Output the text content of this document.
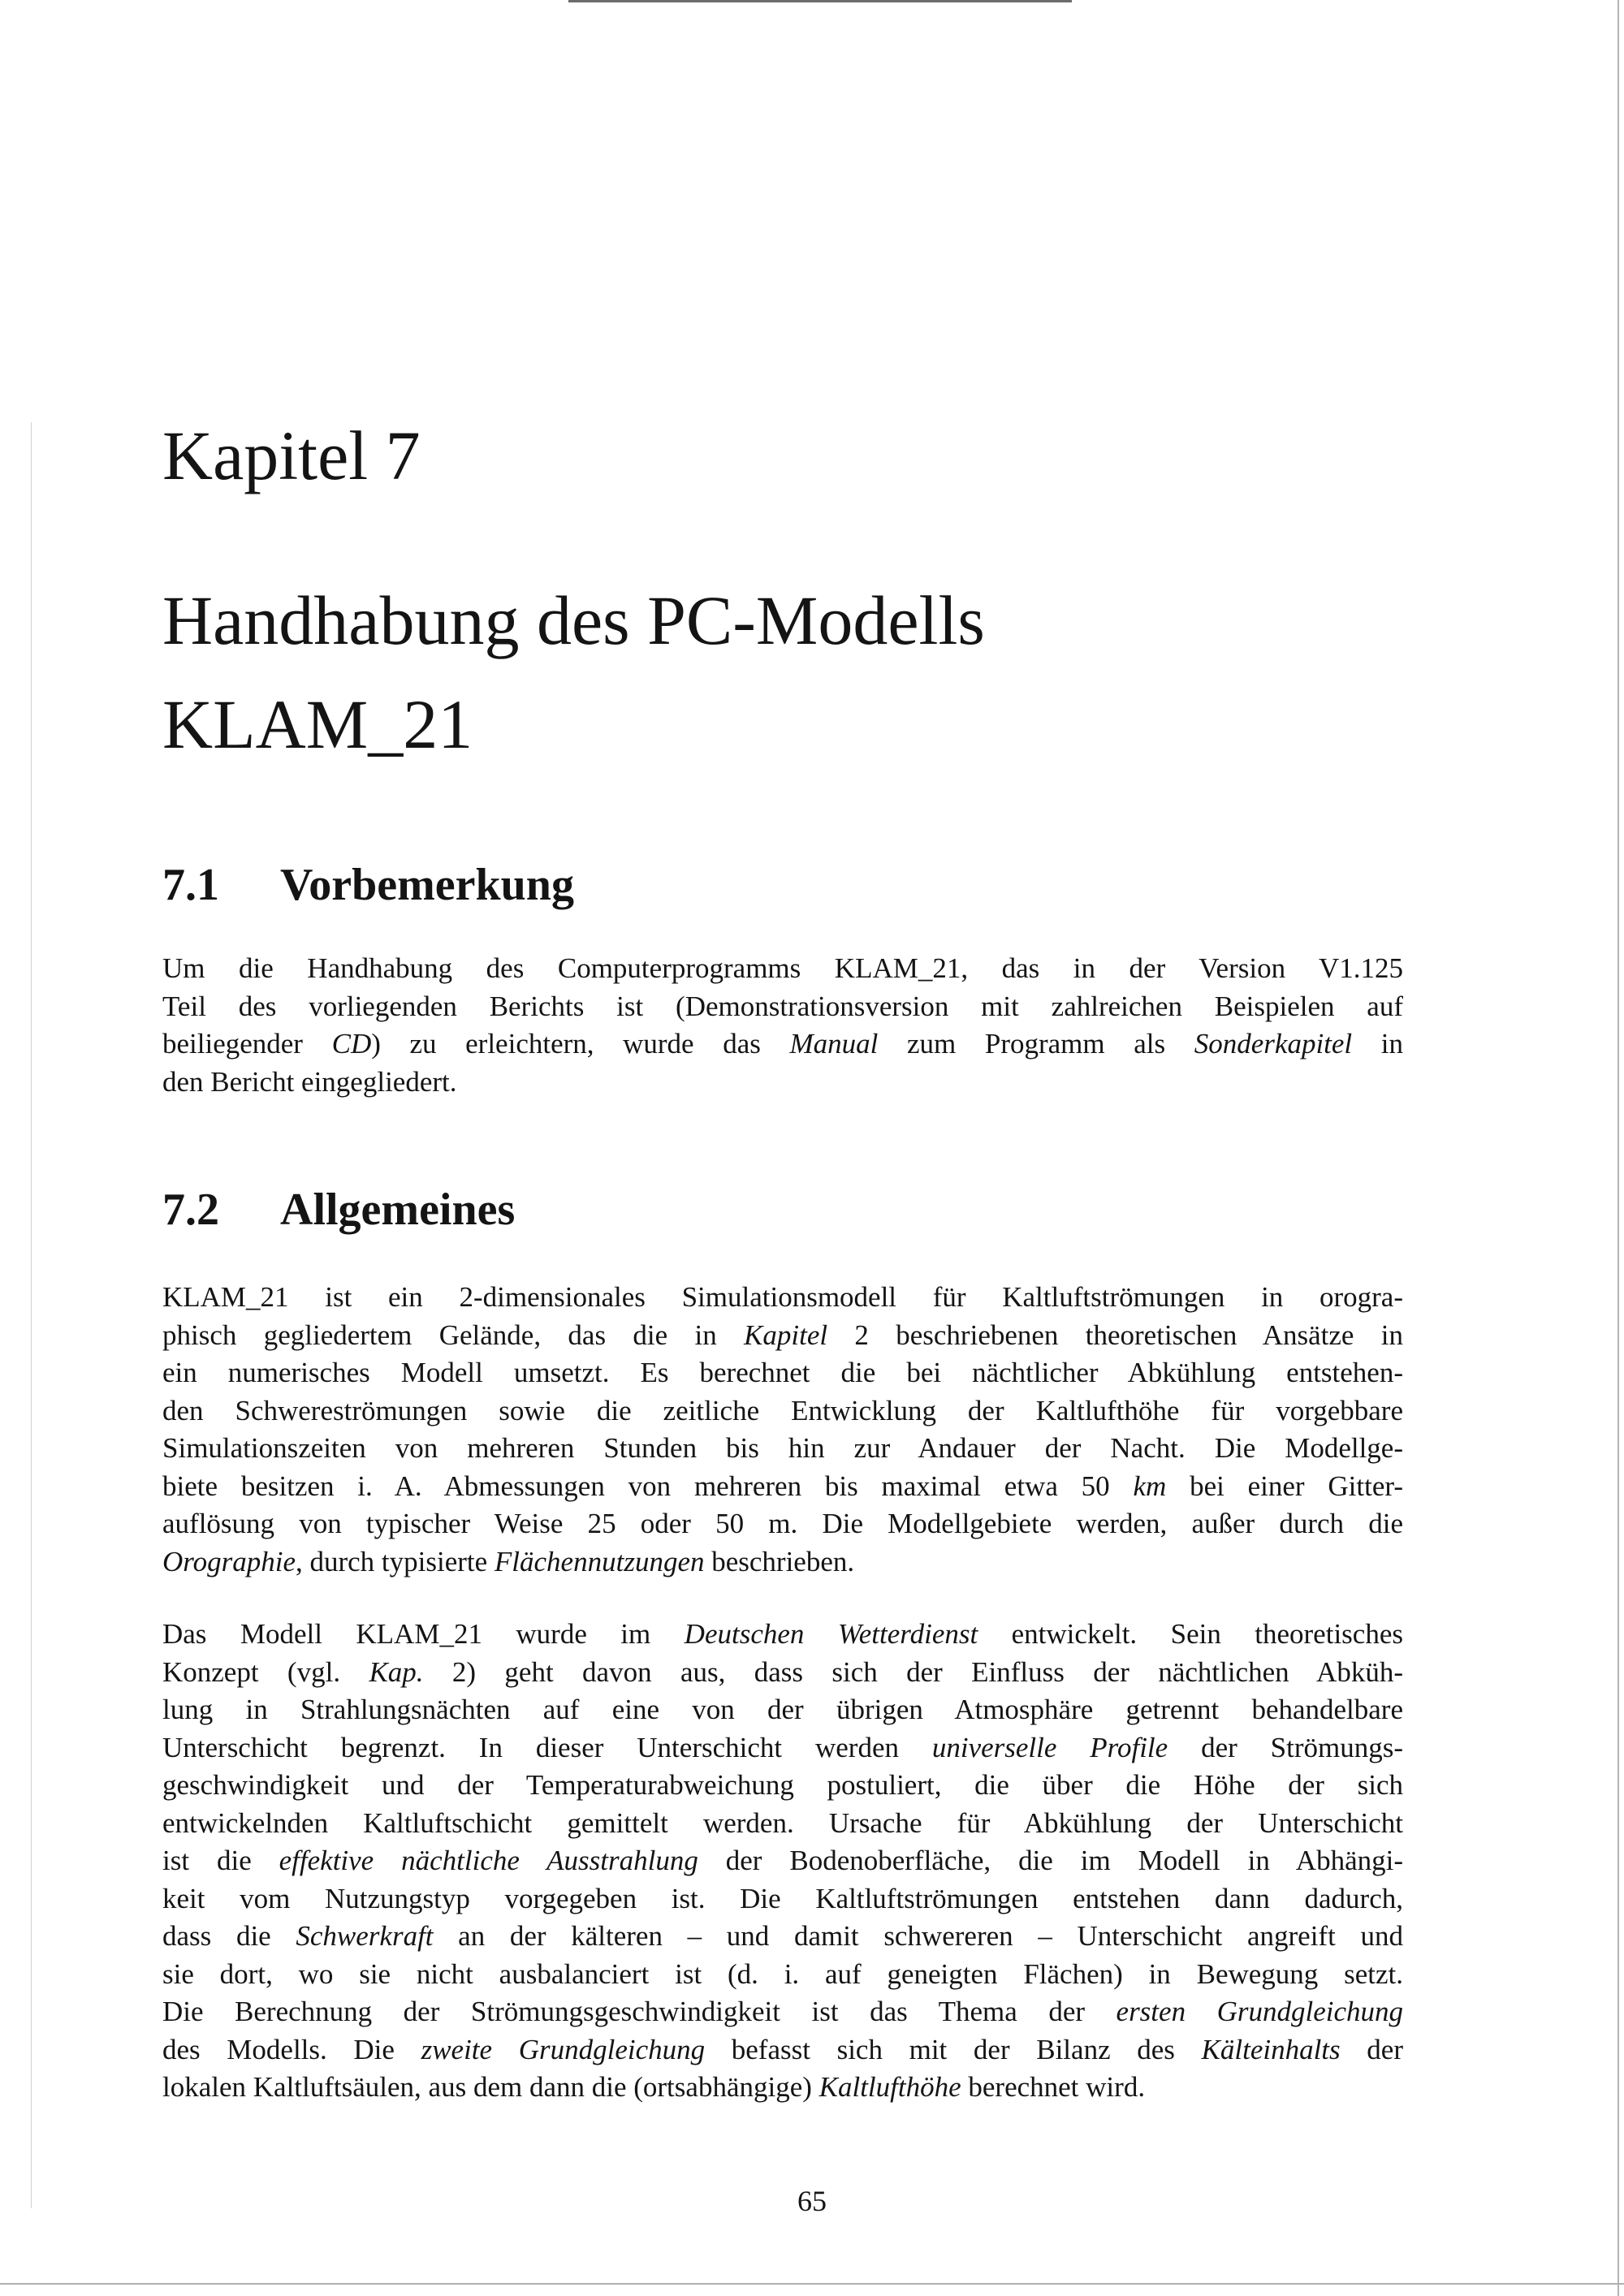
Kapitel 7
Handhabung des PC-Modells
KLAM_21
7.1 Vorbemerkung

Um die Handhabung des Computerprogramms KLAM_21, das in der Version V1.125
Teil des vorliegenden Berichts ist (Demonstrationsversion mit zahlreichen Beispielen auf
beiliegender CD) zu erleichtern, wurde das Manual zum Programm als Sonderkapitel in
den Bericht eingegliedert.

7.2 Allgemeines

KLAM_21 ist ein 2-dimensionales Simulationsmodell für Kaltluftströmungen in orogra-
phisch gegliedertem Gelände, das die in Kapitel 2 beschriebenen theoretischen Ansätze in
ein numerisches Modell umsetzt. Es berechnet die bei nächtlicher Abkühlung entstehen-
den Schwereströmungen sowie die zeitliche Entwicklung der Kaltlufthöhe für vorgebbare
Simulationszeiten von mehreren Stunden bis hin zur Andauer der Nacht. Die Modellge-
biete besitzen i. A. Abmessungen von mehreren bis maximal etwa 50 km bei einer Gitter-
auflösung von typischer Weise 25 oder 50 m. Die Modellgebiete werden, außer durch die
Orographie, durch typisierte Flächennutzungen beschrieben.

Das Modell KLAM_21 wurde im Deutschen Wetterdienst entwickelt. Sein theoretisches
Konzept (vgl. Kap. 2) geht davon aus, dass sich der Einfluss der nächtlichen Abküh-
lung in Strahlungsnächten auf eine von der übrigen Atmosphäre getrennt behandelbare
Unterschicht begrenzt. In dieser Unterschicht werden universelle Profile der Strömungs-
geschwindigkeit und der Temperaturabweichung postuliert, die über die Höhe der sich
entwickelnden Kaltluftschicht gemittelt werden. Ursache für Abkühlung der Unterschicht
ist die effektive nächtliche Ausstrahlung der Bodenoberfläche, die im Modell in Abhängi-
keit vom Nutzungstyp vorgegeben ist. Die Kaltluftströmungen entstehen dann dadurch,
dass die Schwerkraft an der kälteren – und damit schwereren – Unterschicht angreift und
sie dort, wo sie nicht ausbalanciert ist (d. i. auf geneigten Flächen) in Bewegung setzt.
Die Berechnung der Strömungsgeschwindigkeit ist das Thema der ersten Grundgleichung
des Modells. Die zweite Grundgleichung befasst sich mit der Bilanz des Kälteinhalts der
lokalen Kaltluftsäulen, aus dem dann die (ortsabhängige) Kaltlufthöhe berechnet wird.

65
